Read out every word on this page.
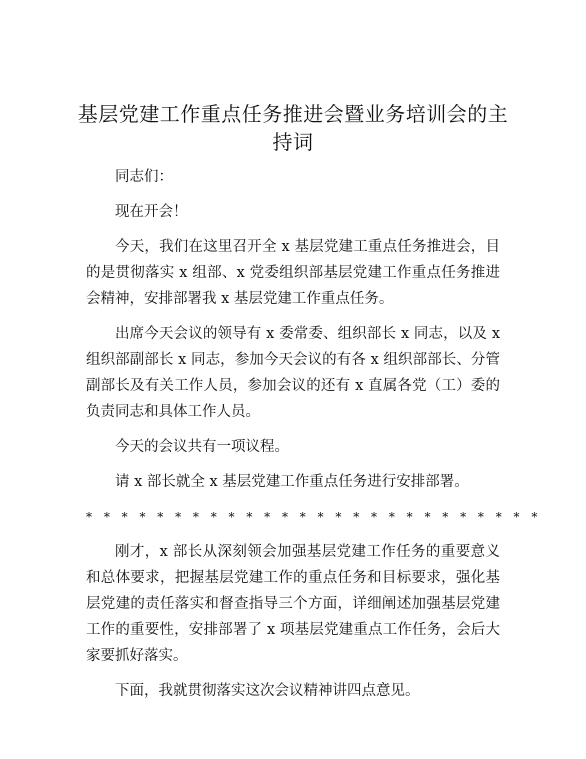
基层党建工作重点任务推进会暨业务培训会的主持词

同志们：

现在开会！

今天，我们在这里召开全 x 基层党建工重点任务推进会，目的是贯彻落实 x 组部、x 党委组织部基层党建工作重点任务推进会精神，安排部署我 x 基层党建工作重点任务。

出席今天会议的领导有 x 委常委、组织部长 x 同志，以及 x 组织部副部长 x 同志，参加今天会议的有各 x 组织部部长、分管副部长及有关工作人员，参加会议的还有 x 直属各党（工）委的负责同志和具体工作人员。

今天的会议共有一项议程。

请 x 部长就全 x 基层党建工作重点任务进行安排部署。

* * * * * * * * * * * * * * * * * * * * * * * * * *

刚才，x 部长从深刻领会加强基层党建工作任务的重要意义和总体要求，把握基层党建工作的重点任务和目标要求，强化基层党建的责任落实和督查指导三个方面，详细阐述加强基层党建工作的重要性，安排部署了 x 项基层党建重点工作任务，会后大家要抓好落实。

下面，我就贯彻落实这次会议精神讲四点意见。
